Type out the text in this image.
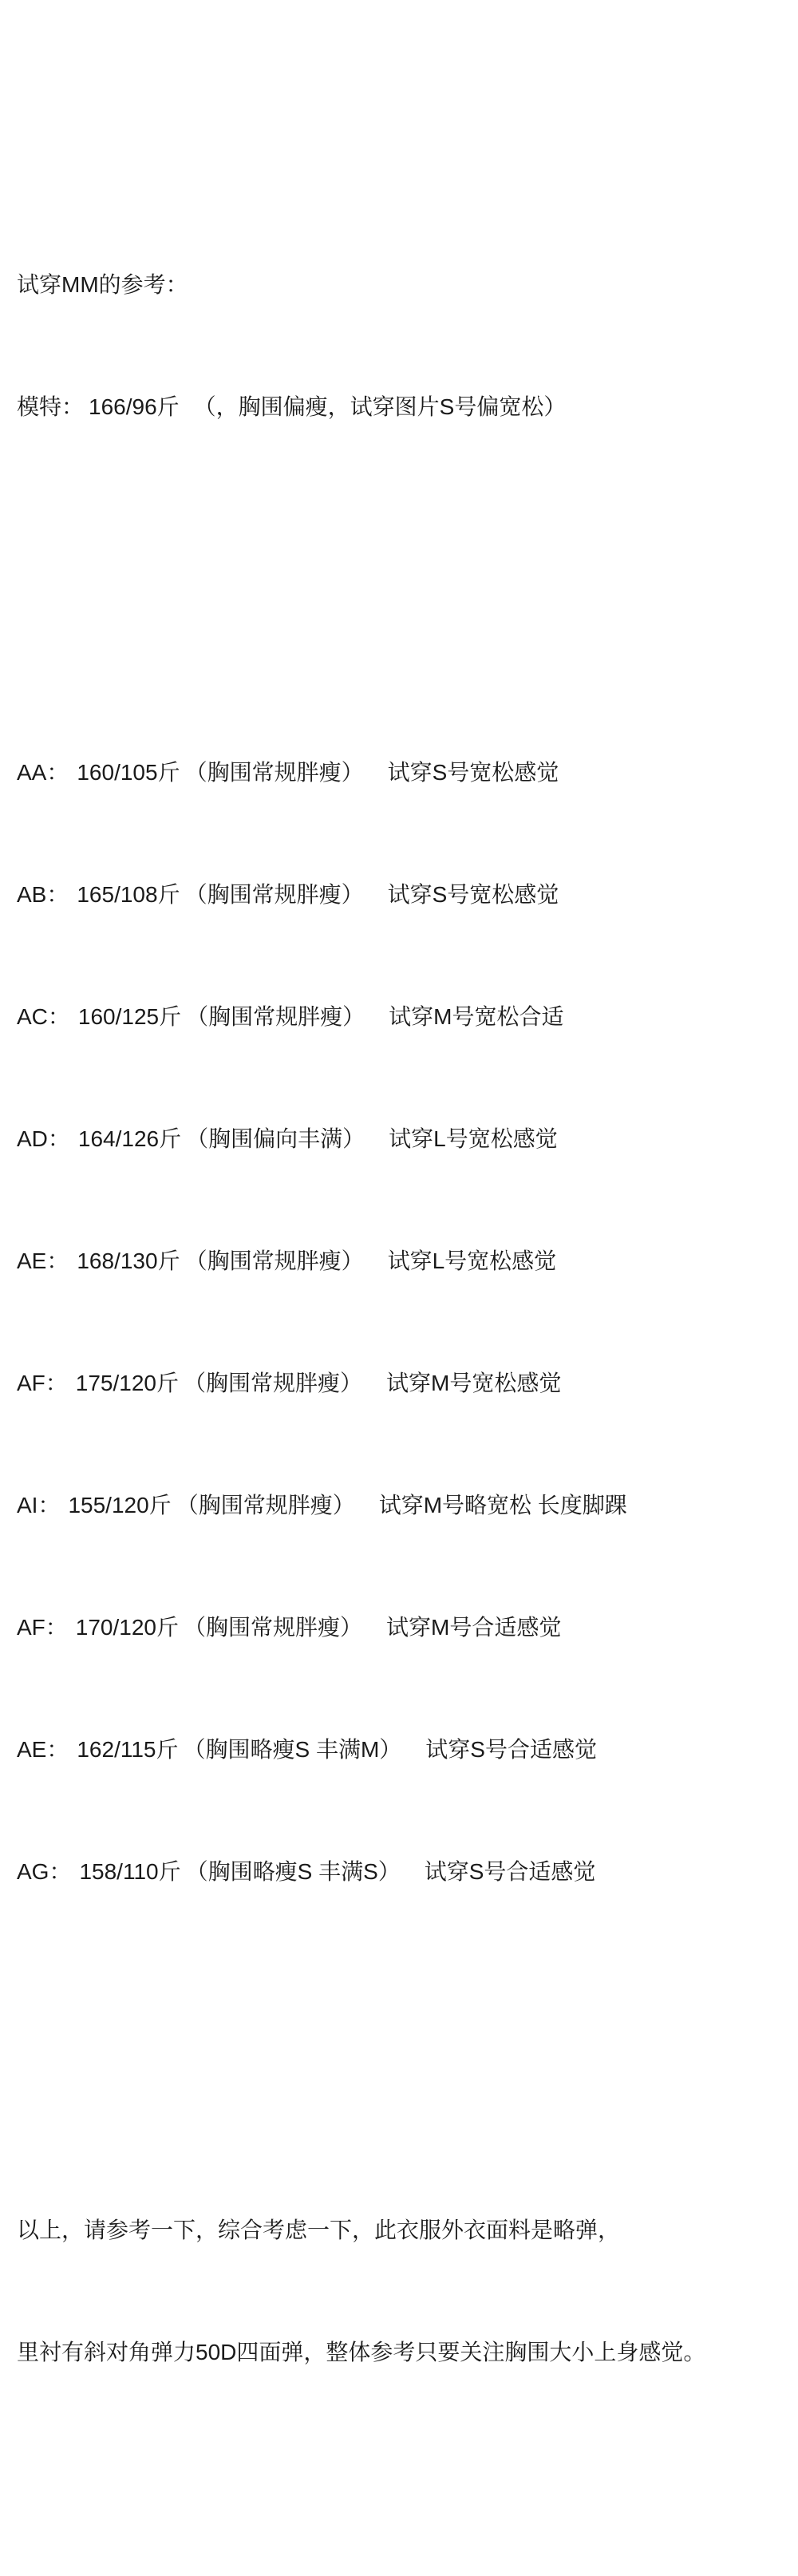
试穿MM的参考：

模特： 166/96斤 （，胸围偏瘦，试穿图片S号偏宽松）

AA： 160/105斤 （胸围常规胖瘦） 试穿S号宽松感觉

AB： 165/108斤 （胸围常规胖瘦） 试穿S号宽松感觉

AC： 160/125斤 （胸围常规胖瘦） 试穿M号宽松合适

AD： 164/126斤 （胸围偏向丰满） 试穿L号宽松感觉

AE： 168/130斤 （胸围常规胖瘦） 试穿L号宽松感觉

AF： 175/120斤 （胸围常规胖瘦） 试穿M号宽松感觉

AI： 155/120斤 （胸围常规胖瘦） 试穿M号略宽松 长度脚踝

AF： 170/120斤 （胸围常规胖瘦） 试穿M号合适感觉

AE： 162/115斤 （胸围略瘦S 丰满M） 试穿S号合适感觉

AG： 158/110斤 （胸围略瘦S 丰满S） 试穿S号合适感觉

以上，请参考一下，综合考虑一下，此衣服外衣面料是略弹，

里衬有斜对角弹力50D四面弹，整体参考只要关注胸围大小上身感觉。
